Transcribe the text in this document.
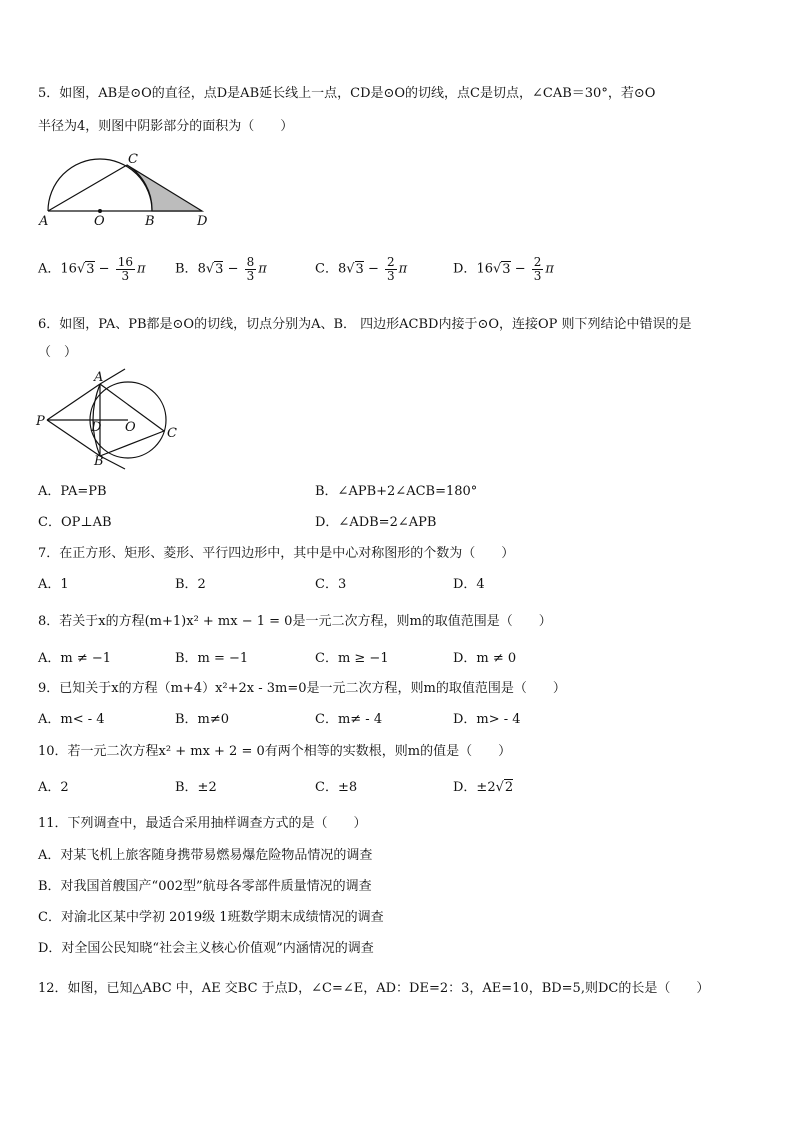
5．如图，AB是⊙O的直径，点D是AB延长线上一点，CD是⊙O的切线，点C是切点，∠CAB＝30°，若⊙O
半径为4，则图中阴影部分的面积为（　　）
A	O	B	D
C
A．$16√3 - \frac{16}{3}$ π B．$8√3 - \frac{8}{3}$ π	C．$8√3 - \frac{2}{3}$ π	D．$16√3 - \frac{2}{3}$ π
6．如图，PA、PB都是⊙O的切线，切点分别为A、B． 四边形ACBD内接于⊙O，连接OP 则下列结论中错误的是
（　）
A
P	D O C
B
A．PA=PB	B．∠APB+2∠ACB=180°
C．OP⊥AB	D．∠ADB=2∠APB
7．在正方形、矩形、菱形、平行四边形中，其中是中心对称图形的个数为（　　）
A．1	B．2	C．3	D．4
8．若关于x的方程(m+1)x² + mx − 1 = 0是一元二次方程，则m的取值范围是（　　）
A．m ≠ −1	B．m = −1	C．m ≥ −1	D．m ≠ 0
9．已知关于x的方程（m+4）x²+2x - 3m=0是一元二次方程，则m的取值范围是（　　）
A．m< - 4	B．m≠0	C．m≠ - 4	D．m> - 4
10．若一元二次方程x² + mx + 2 = 0有两个相等的实数根，则m的值是（　　）
A．2	B．±2	C．±8	D．±2√2
11．下列调查中，最适合采用抽样调查方式的是（　　）
A．对某飞机上旅客随身携带易燃易爆危险物品情况的调查
B．对我国首艘国产“002型”航母各零部件质量情况的调查
C．对渝北区某中学初 2019级 1班数学期末成绩情况的调查
D．对全国公民知晓“社会主义核心价值观”内涵情况的调查
12．如图，已知△ABC 中，AE 交BC 于点D，∠C=∠E，AD：DE=2：3，AE=10，BD=5,则DC的长是（　　）
